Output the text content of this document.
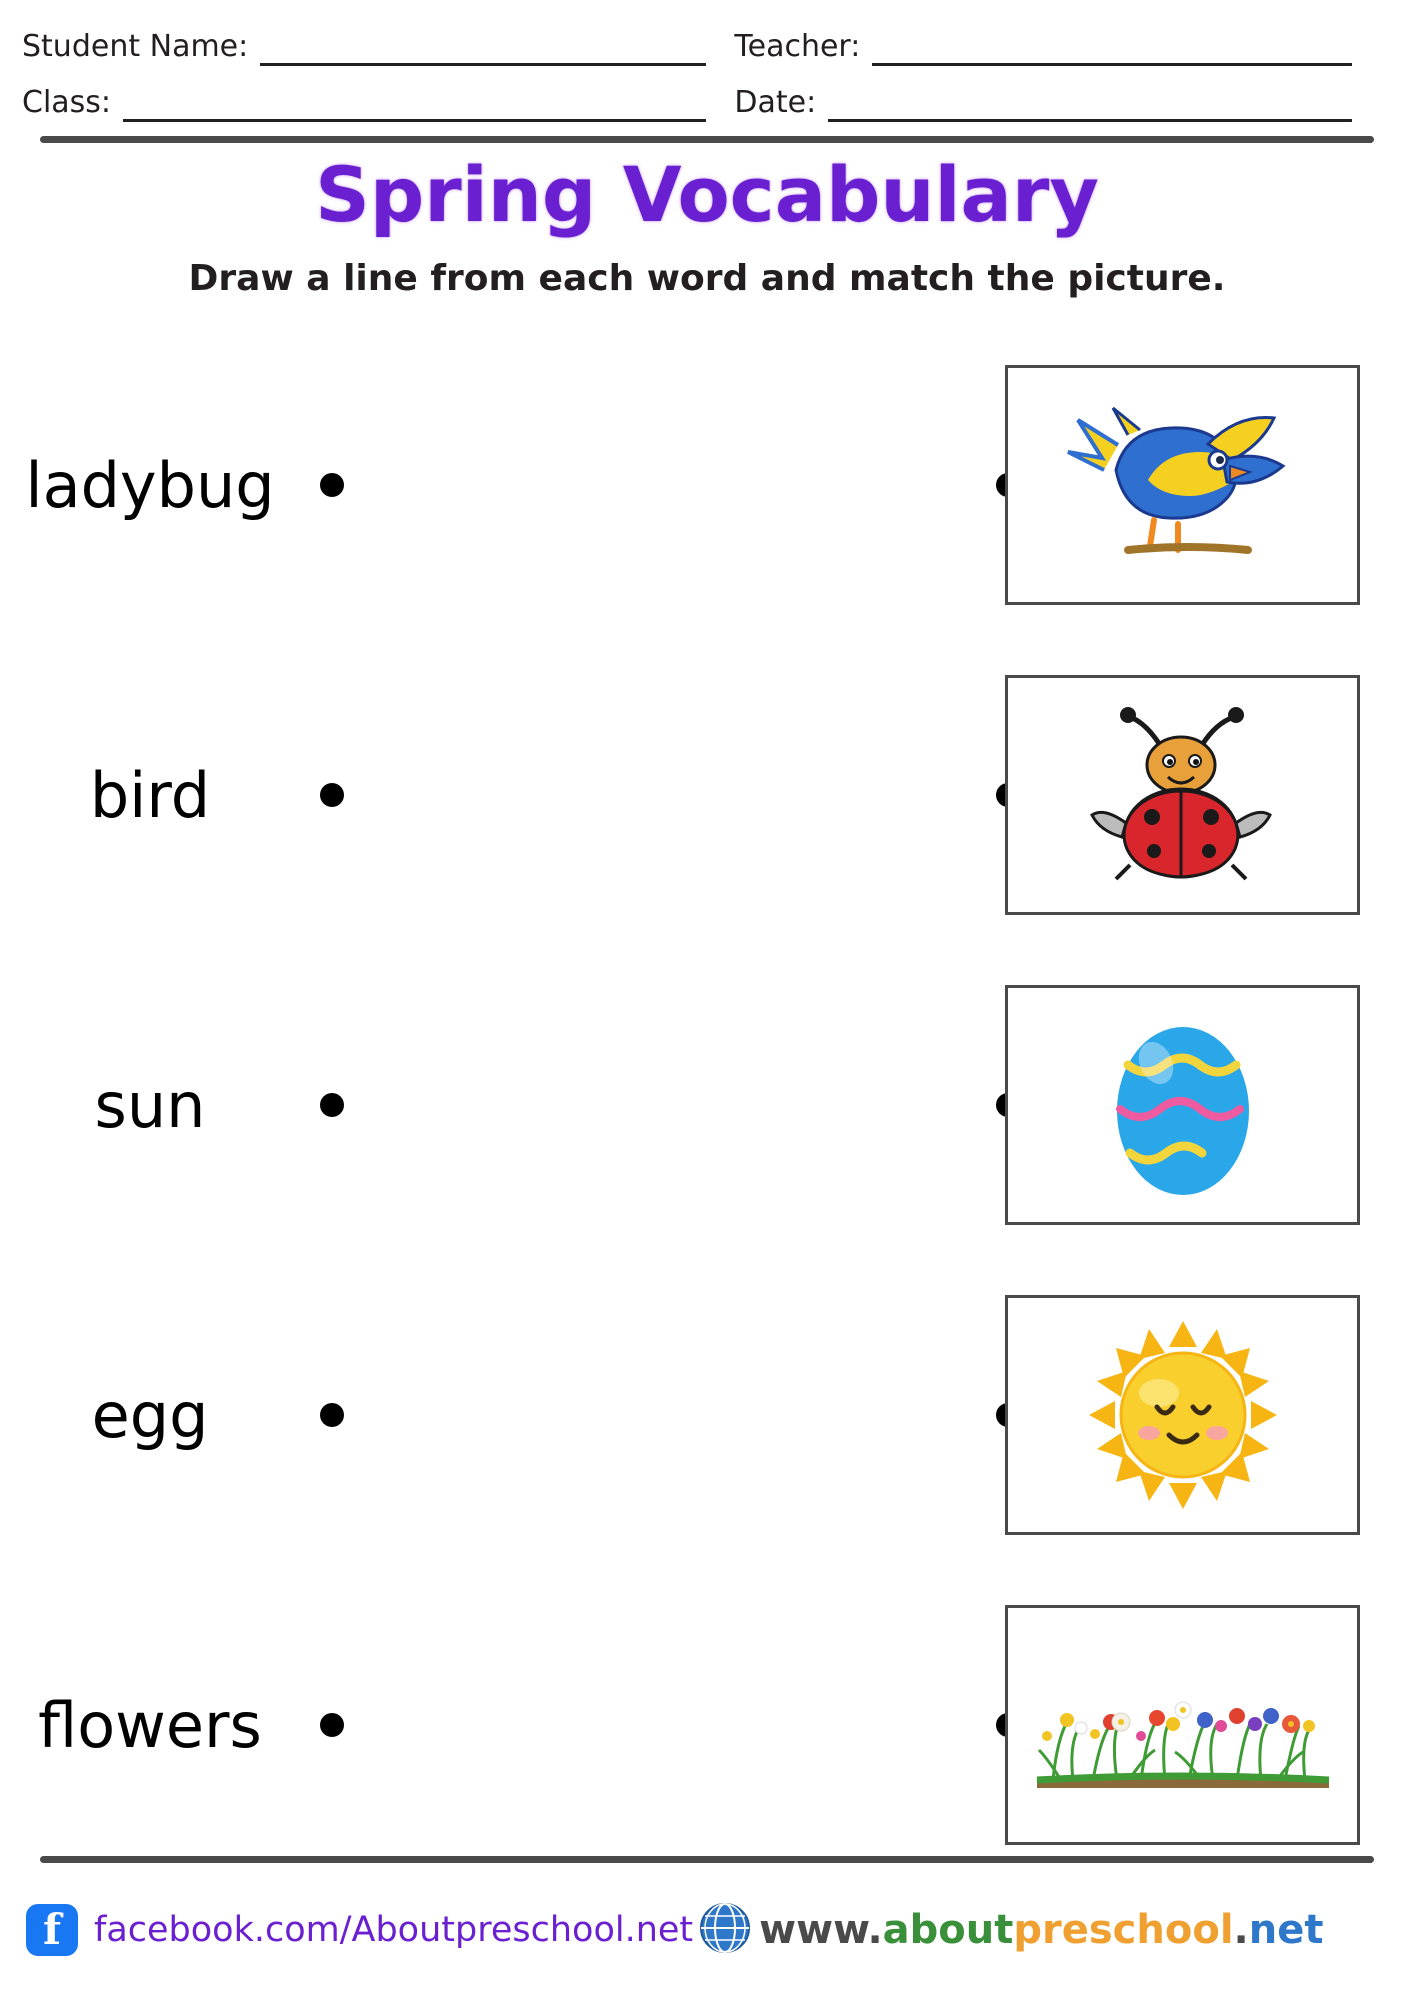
Student Name:	Teacher:
Class:	Date:
Spring Vocabulary
Draw a line from each word and match the picture.
ladybug
bird
sun
egg
flowers
f facebook.com/Aboutpreschool.net www.aboutpreschool.net
